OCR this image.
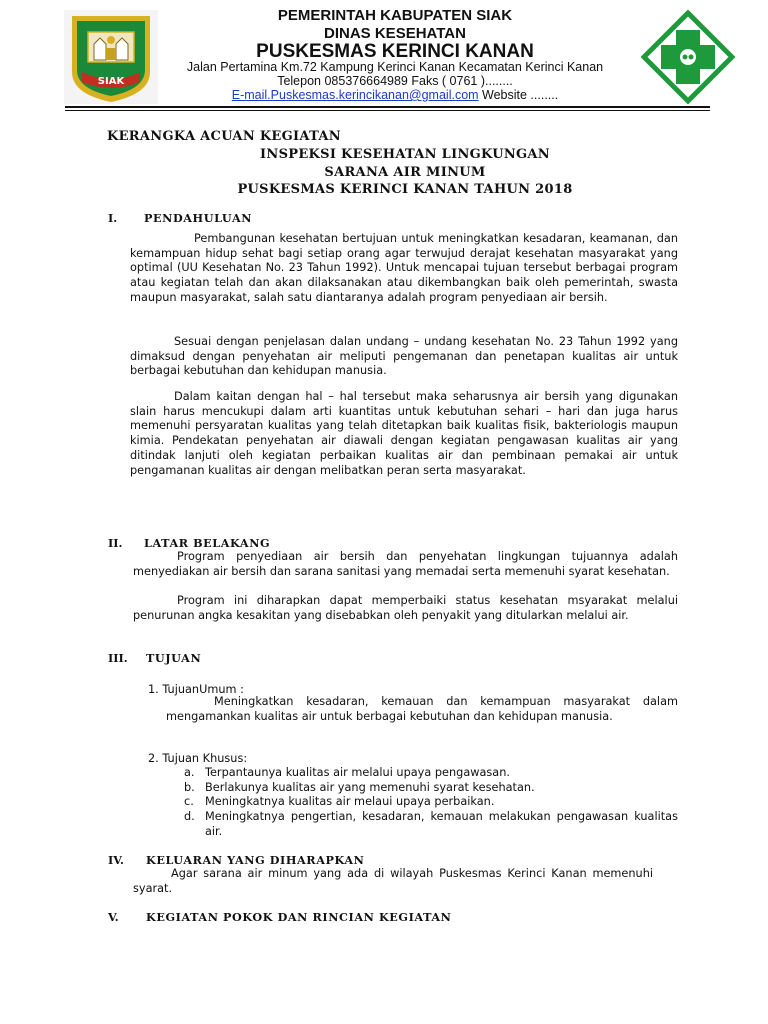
SIAK
PEMERINTAH KABUPATEN SIAK
DINAS KESEHATAN
PUSKESMAS KERINCI KANAN
Jalan Pertamina Km.72 Kampung Kerinci Kanan Kecamatan Kerinci Kanan
Telepon 085376664989 Faks ( 0761 )........
E-mail.Puskesmas.kerincikanan@gmail.com Website ........
KERANGKA ACUAN KEGIATAN
INSPEKSI KESEHATAN LINGKUNGAN
SARANA AIR MINUM
PUSKESMAS KERINCI KANAN TAHUN 2018
I. PENDAHULUAN

Pembangunan kesehatan bertujuan untuk meningkatkan kesadaran, keamanan, dan kemampuan hidup sehat bagi setiap orang agar terwujud derajat kesehatan masyarakat yang optimal (UU Kesehatan No. 23 Tahun 1992). Untuk mencapai tujuan tersebut berbagai program atau kegiatan telah dan akan dilaksanakan atau dikembangkan baik oleh pemerintah, swasta maupun masyarakat, salah satu diantaranya adalah program penyediaan air bersih.

Sesuai dengan penjelasan dalan undang – undang kesehatan No. 23 Tahun 1992 yang dimaksud dengan penyehatan air meliputi pengemanan dan penetapan kualitas air untuk berbagai kebutuhan dan kehidupan manusia.

Dalam kaitan dengan hal – hal tersebut maka seharusnya air bersih yang digunakan slain harus mencukupi dalam arti kuantitas untuk kebutuhan sehari – hari dan juga harus memenuhi persyaratan kualitas yang telah ditetapkan baik kualitas fisik, bakteriologis maupun kimia. Pendekatan penyehatan air diawali dengan kegiatan pengawasan kualitas air yang ditindak lanjuti oleh kegiatan perbaikan kualitas air dan pembinaan pemakai air untuk pengamanan kualitas air dengan melibatkan peran serta masyarakat.

II. LATAR BELAKANG

Program penyediaan air bersih dan penyehatan lingkungan tujuannya adalah menyediakan air bersih dan sarana sanitasi yang memadai serta memenuhi syarat kesehatan.

Program ini diharapkan dapat memperbaiki status kesehatan msyarakat melalui penurunan angka kesakitan yang disebabkan oleh penyakit yang ditularkan melalui air.

III. TUJUAN
1. TujuanUmum :

Meningkatkan kesadaran, kemauan dan kemampuan masyarakat dalam mengamankan kualitas air untuk berbagai kebutuhan dan kehidupan manusia.

2. Tujuan Khusus:
a. Terpantaunya kualitas air melalui upaya pengawasan.
b. Berlakunya kualitas air yang memenuhi syarat kesehatan.
c. Meningkatnya kualitas air melaui upaya perbaikan.
d. Meningkatnya pengertian, kesadaran, kemauan melakukan pengawasan kualitas air.

IV. KELUARAN YANG DIHARAPKAN

Agar sarana air minum yang ada di wilayah Puskesmas Kerinci Kanan memenuhi syarat.

V. KEGIATAN POKOK DAN RINCIAN KEGIATAN
